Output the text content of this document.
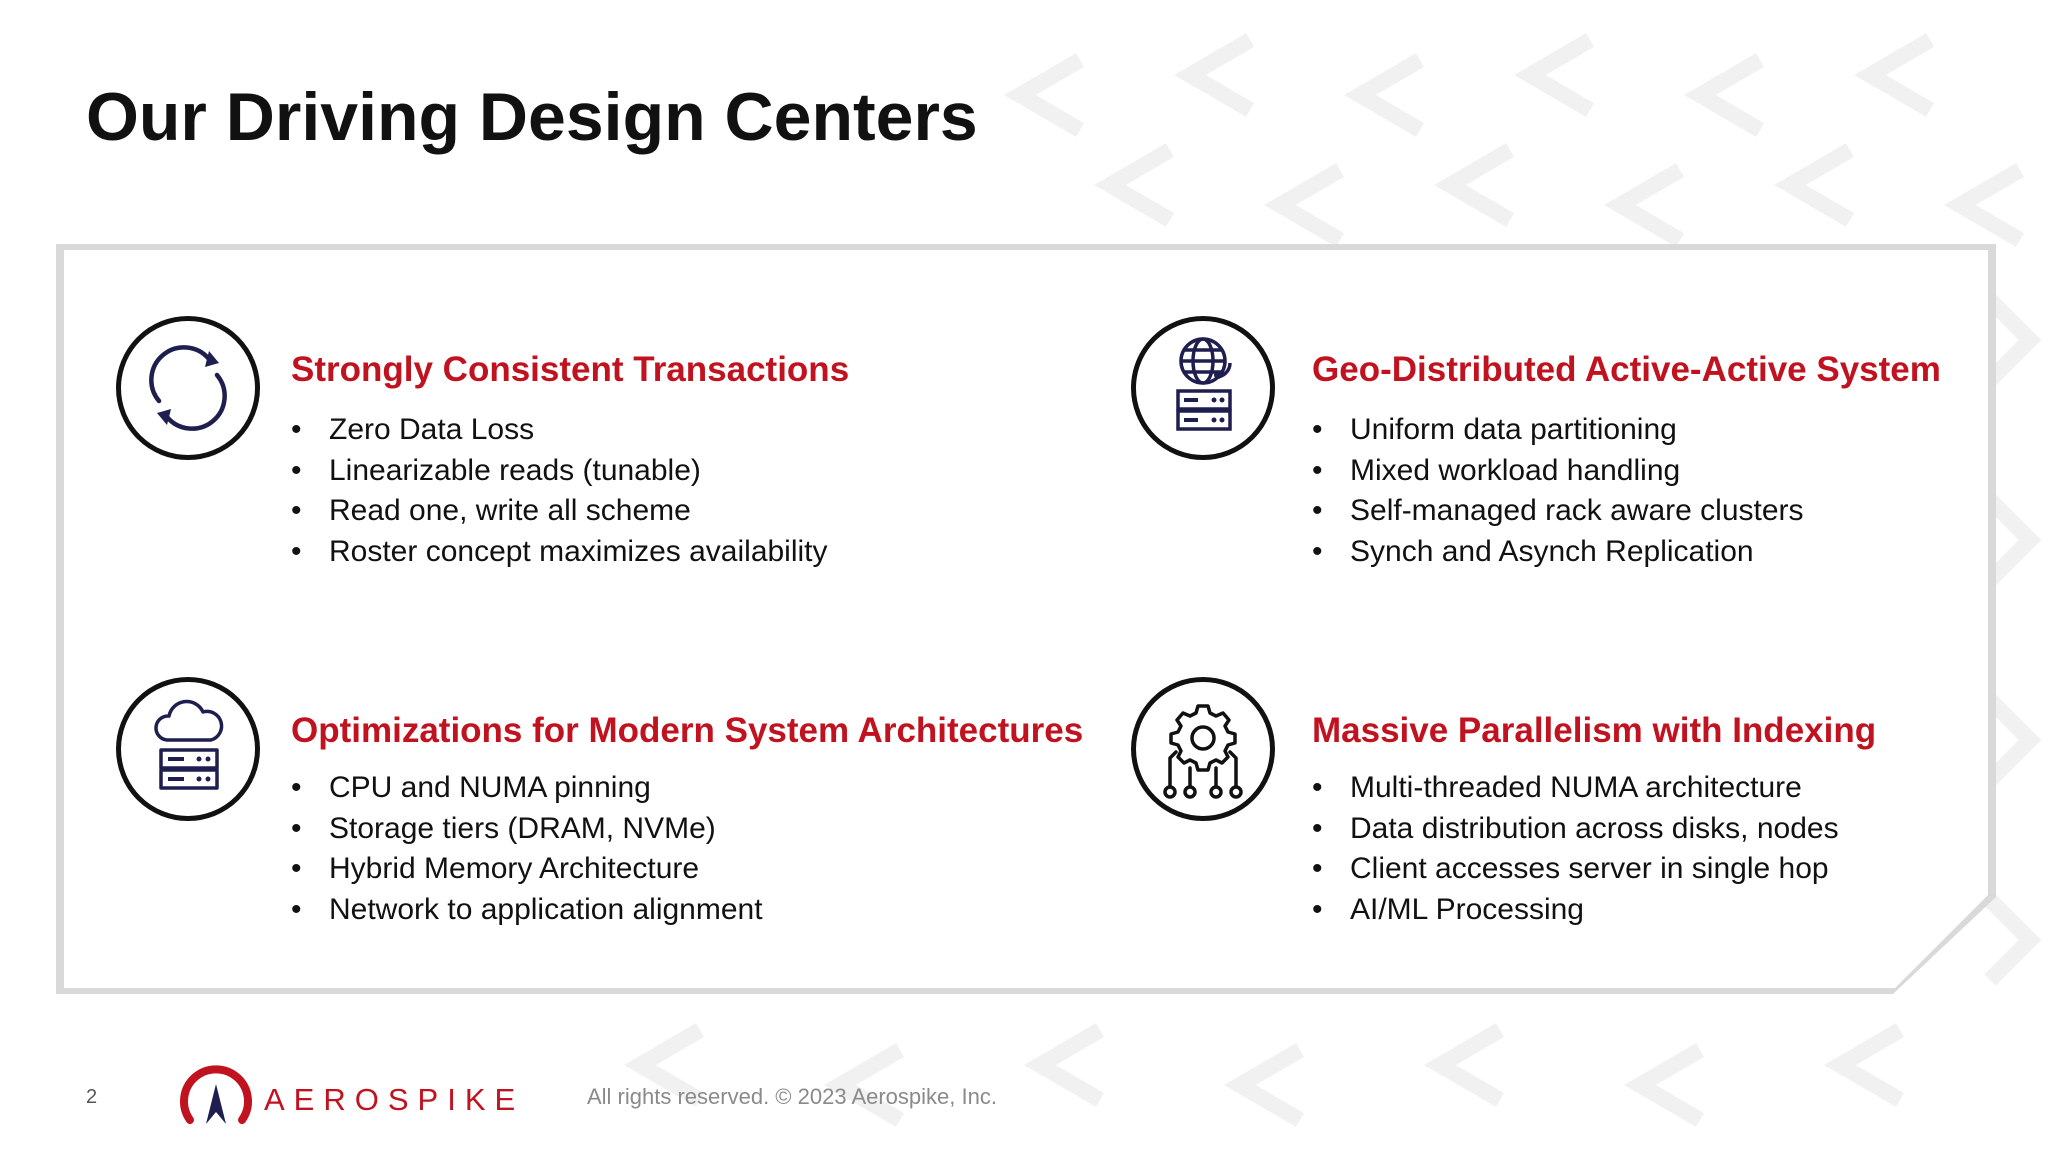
Our Driving Design Centers
Strongly Consistent Transactions
• Zero Data Loss
• Linearizable reads (tunable)
• Read one, write all scheme
• Roster concept maximizes availability
Geo-Distributed Active-Active System
• Uniform data partitioning
• Mixed workload handling
• Self-managed rack aware clusters
• Synch and Asynch Replication
Optimizations for Modern System Architectures
• CPU and NUMA pinning
• Storage tiers (DRAM, NVMe)
• Hybrid Memory Architecture
• Network to application alignment
Massive Parallelism with Indexing
• Multi-threaded NUMA architecture
• Data distribution across disks, nodes
• Client accesses server in single hop
• AI/ML Processing
2	AEROSPIKE	All rights reserved. © 2023 Aerospike, Inc.
